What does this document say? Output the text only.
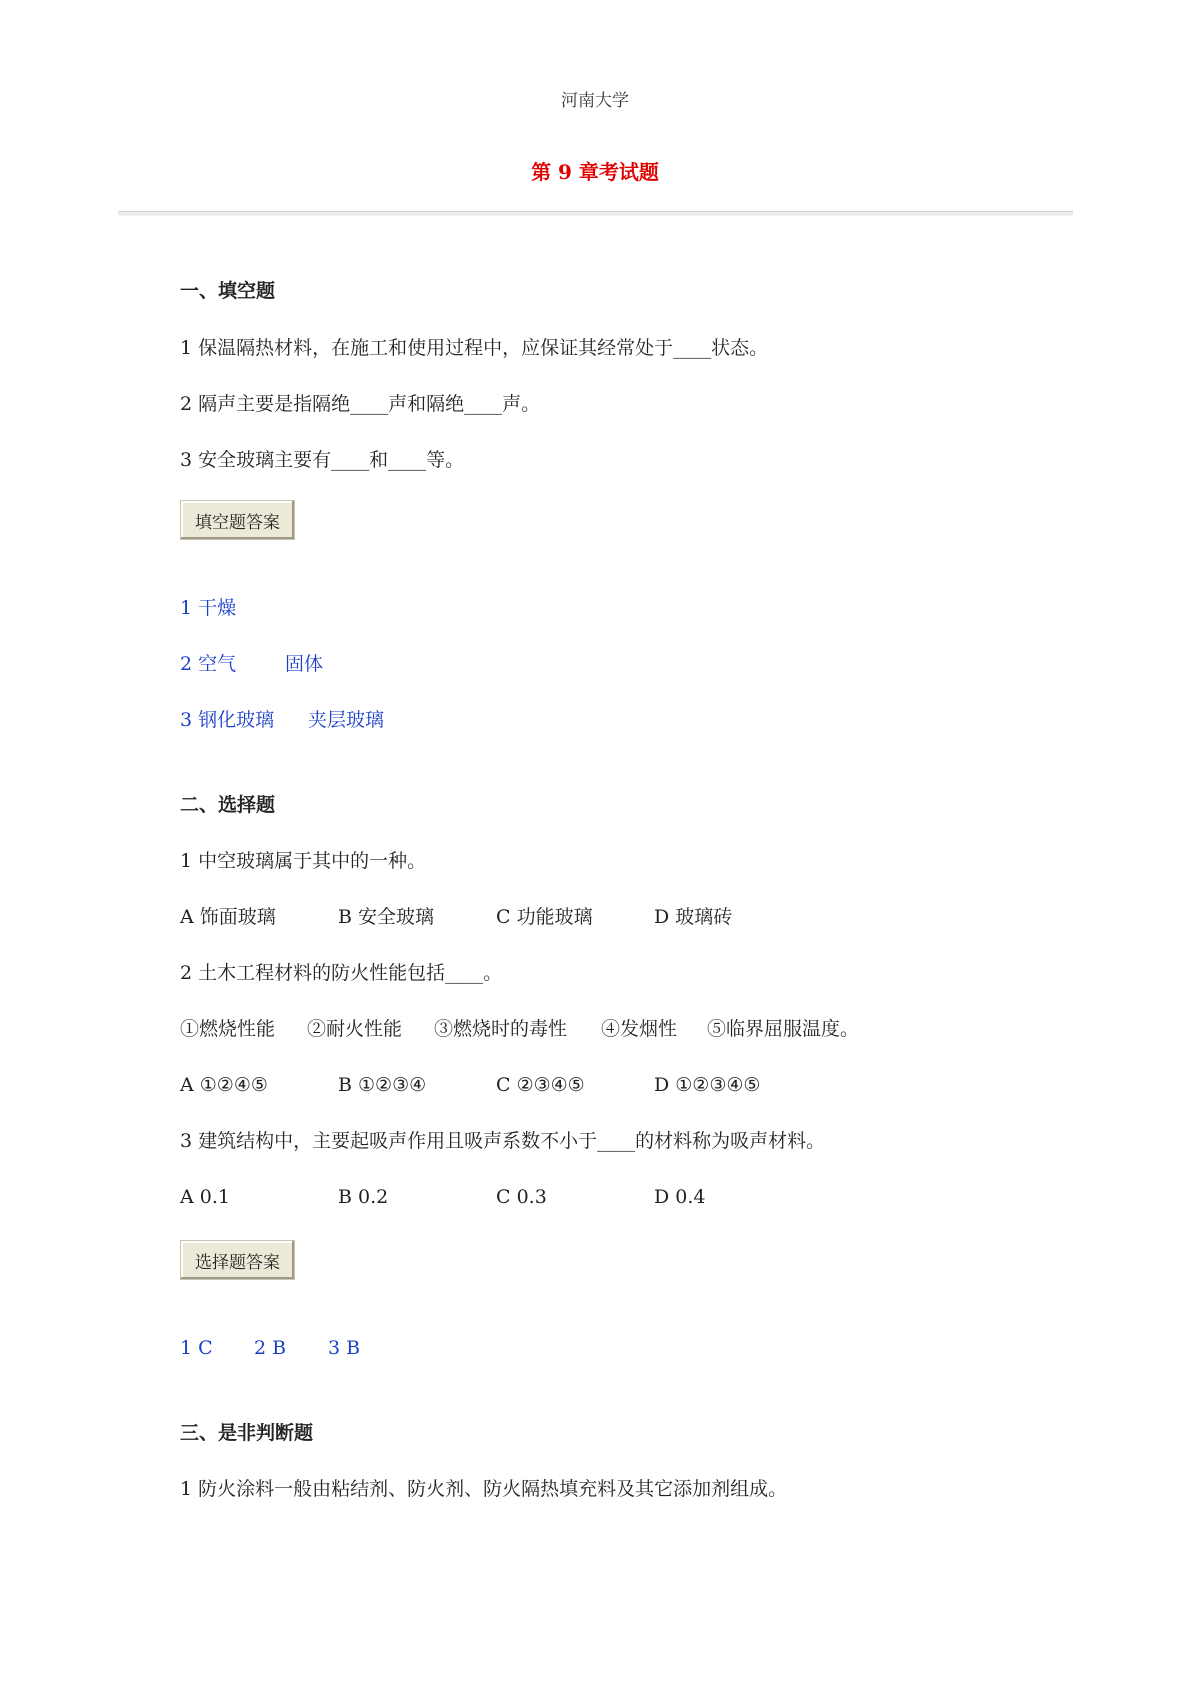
河南大学
第 9 章考试题
一、填空题
1 保温隔热材料，在施工和使用过程中，应保证其经常处于____状态。
2 隔声主要是指隔绝____声和隔绝____声。
3 安全玻璃主要有____和____等。
填空题答案
1 干燥
2 空气	固体
3 钢化玻璃 夹层玻璃
二、选择题
1 中空玻璃属于其中的一种。
A 饰面玻璃	B 安全玻璃	C 功能玻璃	D 玻璃砖
2 土木工程材料的防火性能包括____。
①燃烧性能 ②耐火性能 ③燃烧时的毒性 ④发烟性 ⑤临界屈服温度。
A ①②④⑤	B ①②③④	C ②③④⑤	D ①②③④⑤
3 建筑结构中，主要起吸声作用且吸声系数不小于____的材料称为吸声材料。
A 0.1	B 0.2	C 0.3	D 0.4
选择题答案
1 C 2 B 3 B
三、是非判断题
1 防火涂料一般由粘结剂、防火剂、防火隔热填充料及其它添加剂组成。
